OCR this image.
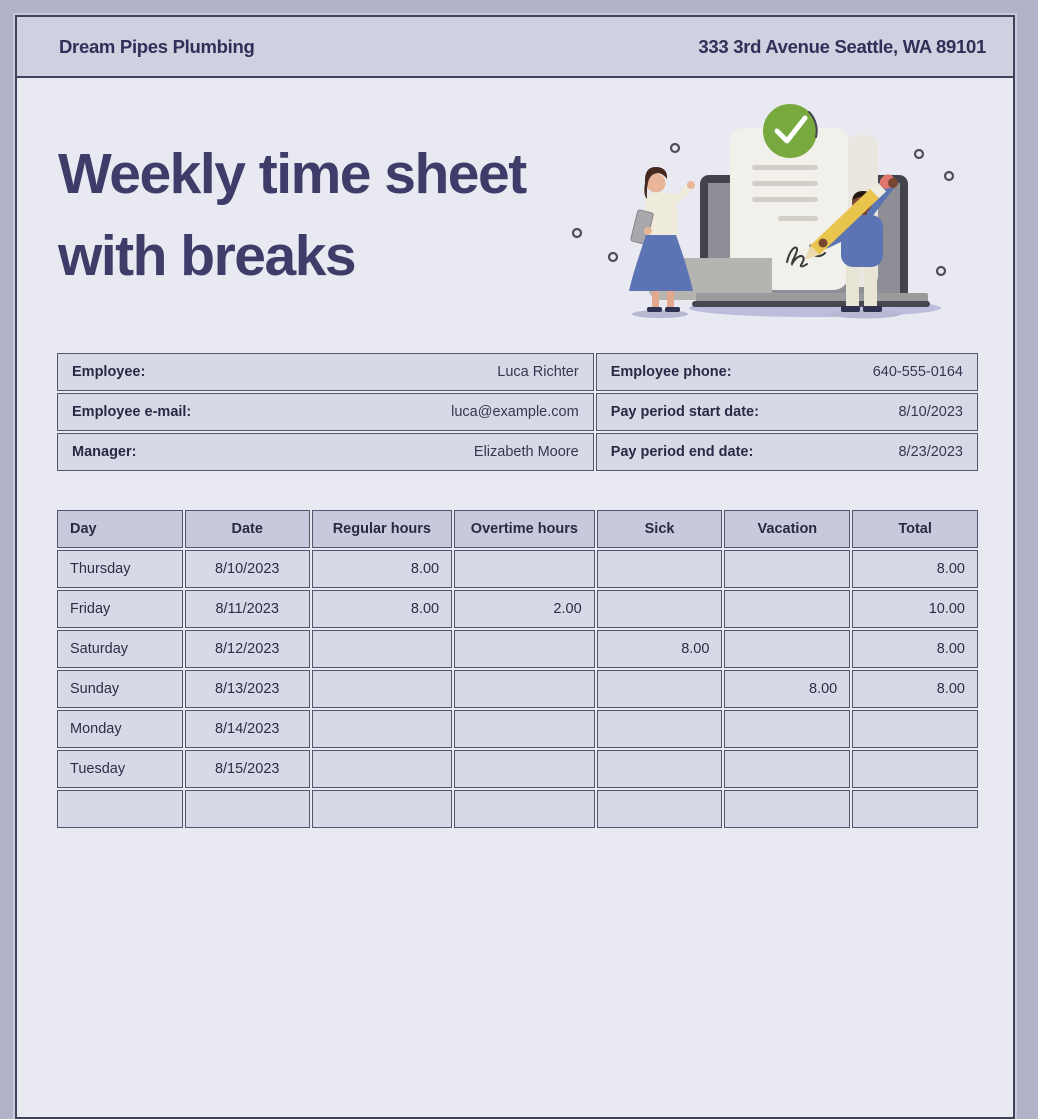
Dream Pipes Plumbing	333 3rd Avenue Seattle, WA 89101
Weekly time sheet
with breaks
Employee: Luca Richter	Employee phone: 640-555-0164

Employee e-mail: luca@example.com	Pay period start date: 8/10/2023

Manager: Elizabeth Moore	Pay period end date: 8/23/2023
Day	Date	Regular hours	Overtime hours	Sick	Vacation	Total
Thursday	8/10/2023	8.00				8.00
Friday	8/11/2023	8.00	2.00			10.00
Saturday	8/12/2023			8.00		8.00
Sunday	8/13/2023				8.00	8.00
Monday	8/14/2023					
Tuesday	8/15/2023					
